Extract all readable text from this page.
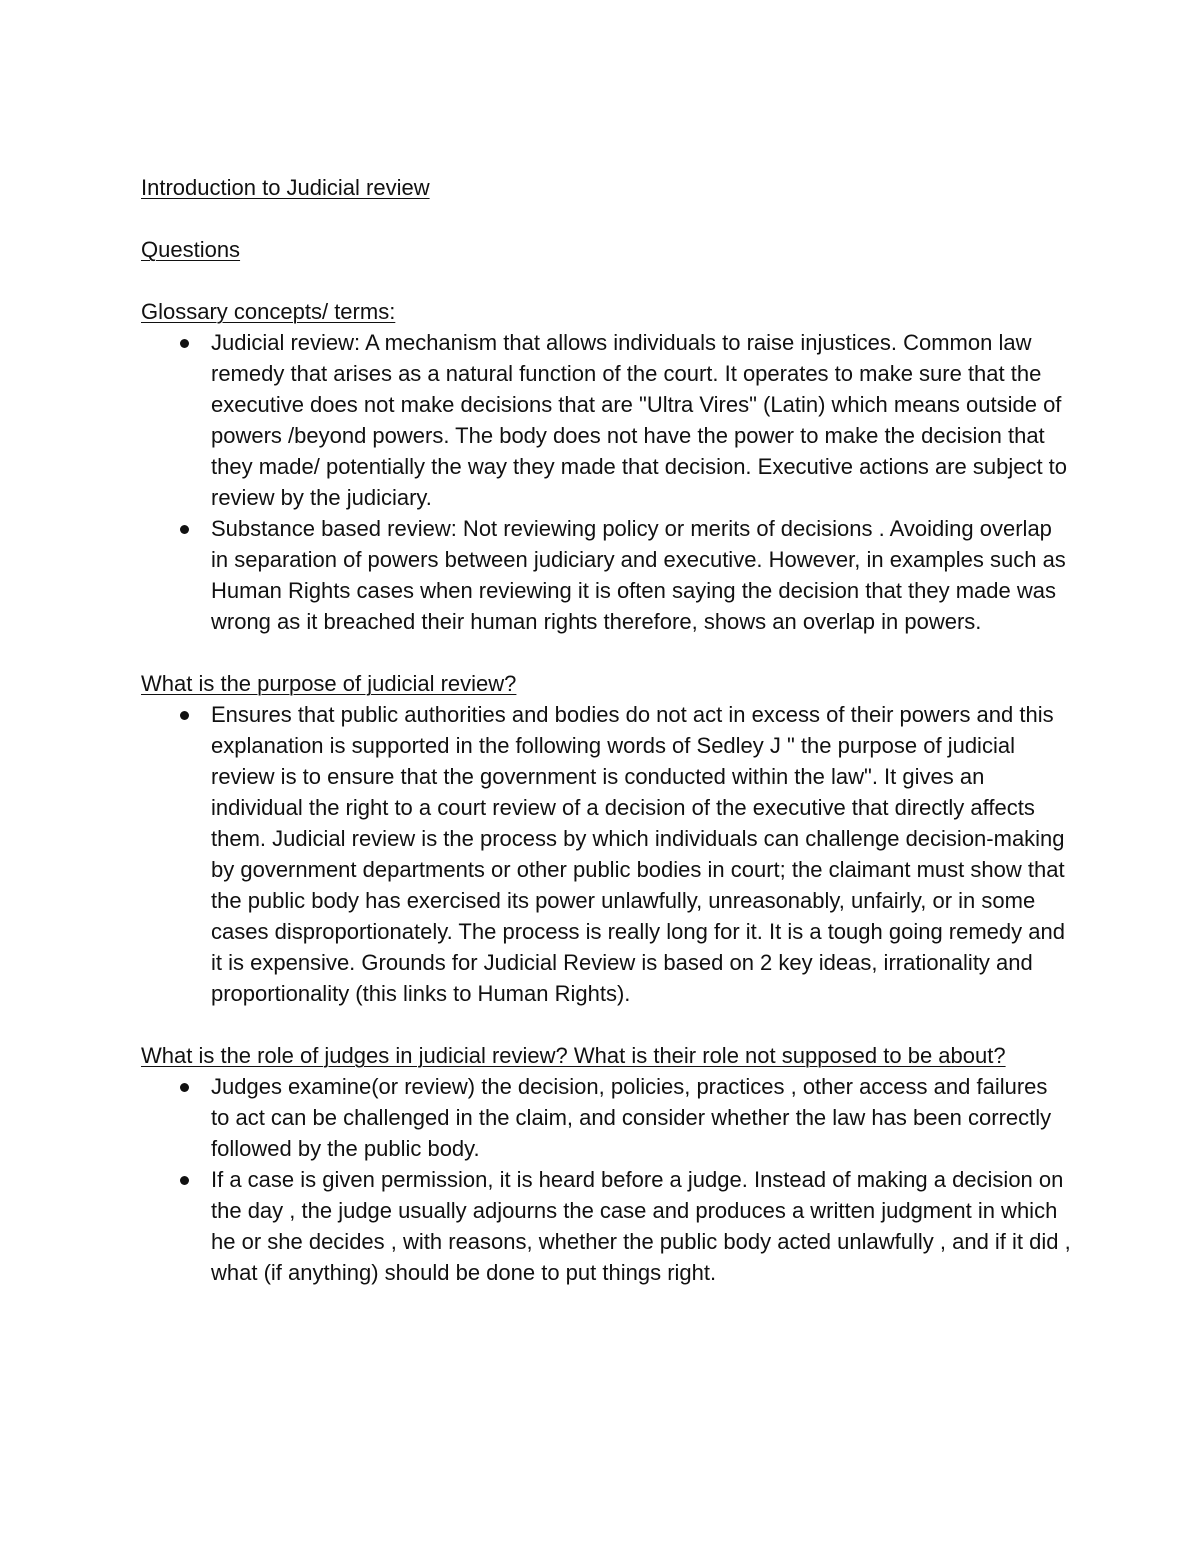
Introduction to Judicial review
Questions
Glossary concepts/ terms:
Judicial review: A mechanism that allows individuals to raise injustices. Common law remedy that arises as a natural function of the court. It operates to make sure that the executive does not make decisions that are "Ultra Vires" (Latin) which means outside of powers /beyond powers. The body does not have the power to make the decision that they made/ potentially the way they made that decision. Executive actions are subject to review by the judiciary.
Substance based review: Not reviewing policy or merits of decisions . Avoiding overlap in separation of powers between judiciary and executive. However, in examples such as Human Rights cases when reviewing it is often saying the decision that they made was wrong as it breached their human rights therefore, shows an overlap in powers.
What is the purpose of judicial review?
Ensures that public authorities and bodies do not act in excess of their powers and this explanation is supported in the following words of Sedley J " the purpose of judicial review is to ensure that the government is conducted within the law". It gives an individual the right to a court review of a decision of the executive that directly affects them. Judicial review is the process by which individuals can challenge decision-making by government departments or other public bodies in court; the claimant must show that the public body has exercised its power unlawfully, unreasonably, unfairly, or in some cases disproportionately. The process is really long for it. It is a tough going remedy and it is expensive. Grounds for Judicial Review is based on 2 key ideas, irrationality and proportionality (this links to Human Rights).
What is the role of judges in judicial review? What is their role not supposed to be about?
Judges examine(or review) the decision, policies, practices , other access and failures to act can be challenged in the claim, and consider whether the law has been correctly followed by the public body.
If a case is given permission, it is heard before a judge. Instead of making a decision on the day , the judge usually adjourns the case and produces a written judgment in which he or she decides , with reasons, whether the public body acted unlawfully , and if it did , what (if anything) should be done to put things right.
